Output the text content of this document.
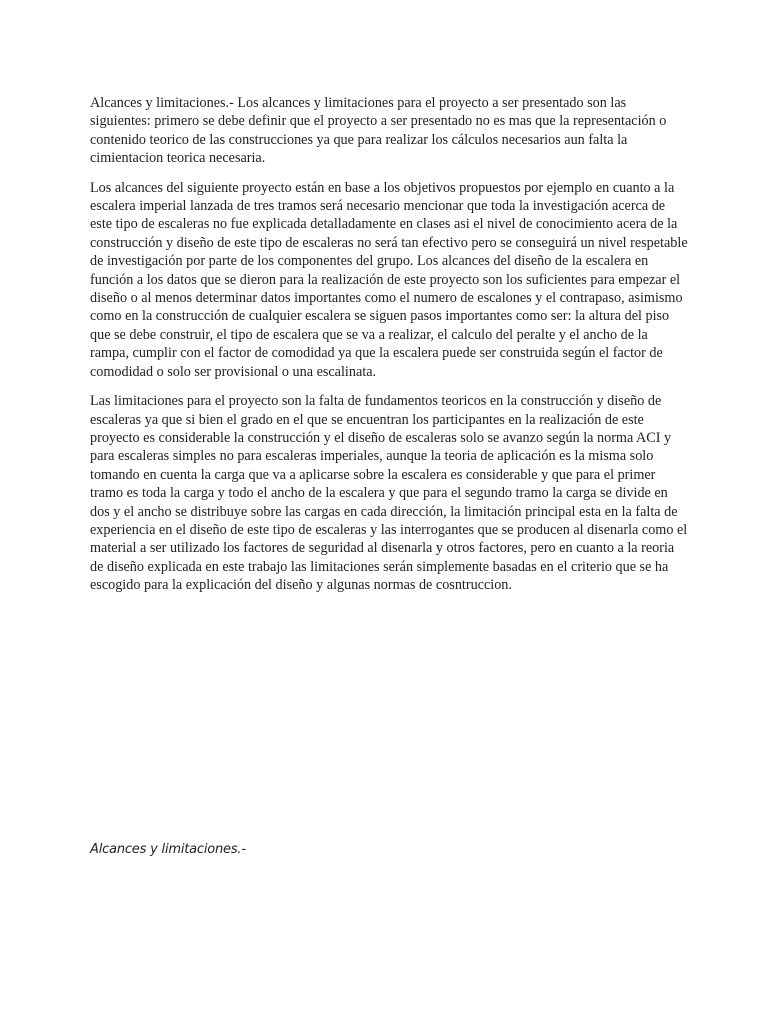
Alcances y limitaciones.- Los alcances y limitaciones para el proyecto a ser presentado son las siguientes: primero se debe definir que el proyecto a ser presentado no es mas que la representación o contenido teorico de las construcciones ya que para realizar los cálculos necesarios aun falta la cimientacion teorica necesaria.

Los alcances del siguiente proyecto están en base a los objetivos propuestos por ejemplo en cuanto a la escalera imperial lanzada de tres tramos será necesario mencionar que toda la investigación acerca de este tipo de escaleras no fue explicada detalladamente en clases asi el nivel de conocimiento acera de la construcción y diseño de este tipo de escaleras no será tan efectivo pero se conseguirá un nivel respetable de investigación por parte de los componentes del grupo. Los alcances del diseño de la escalera en función a los datos que se dieron para la realización de este proyecto son los suficientes para empezar el diseño o al menos determinar datos importantes como el numero de escalones y el contrapaso, asimismo como en la construcción de cualquier escalera se siguen pasos importantes como ser: la altura del piso que se debe construir, el tipo de escalera que se va a realizar, el calculo del peralte y el ancho de la rampa, cumplir con el factor de comodidad ya que la escalera puede ser construida según el factor de comodidad o solo ser provisional o una escalinata.

Las limitaciones para el proyecto son la falta de fundamentos teoricos en la construcción y diseño de escaleras ya que si bien el grado en el que se encuentran los participantes en la realización de este proyecto es considerable la construcción y el diseño de escaleras solo se avanzo según la norma ACI y para escaleras simples no para escaleras imperiales, aunque la teoria de aplicación es la misma solo tomando en cuenta la carga que va a aplicarse sobre la escalera es considerable y que para el primer tramo es toda la carga y todo el ancho de la escalera y que para el segundo tramo la carga se divide en dos y el ancho se distribuye sobre las cargas en cada dirección, la limitación principal esta en la falta de experiencia en el diseño de este tipo de escaleras y las interrogantes que se producen al disenarla como el material a ser utilizado los factores de seguridad al disenarla y otros factores, pero en cuanto a la reoria de diseño explicada en este trabajo las limitaciones serán simplemente basadas en el criterio que se ha escogido para la explicación del diseño y algunas normas de cosntruccion.

Alcances y limitaciones.-
